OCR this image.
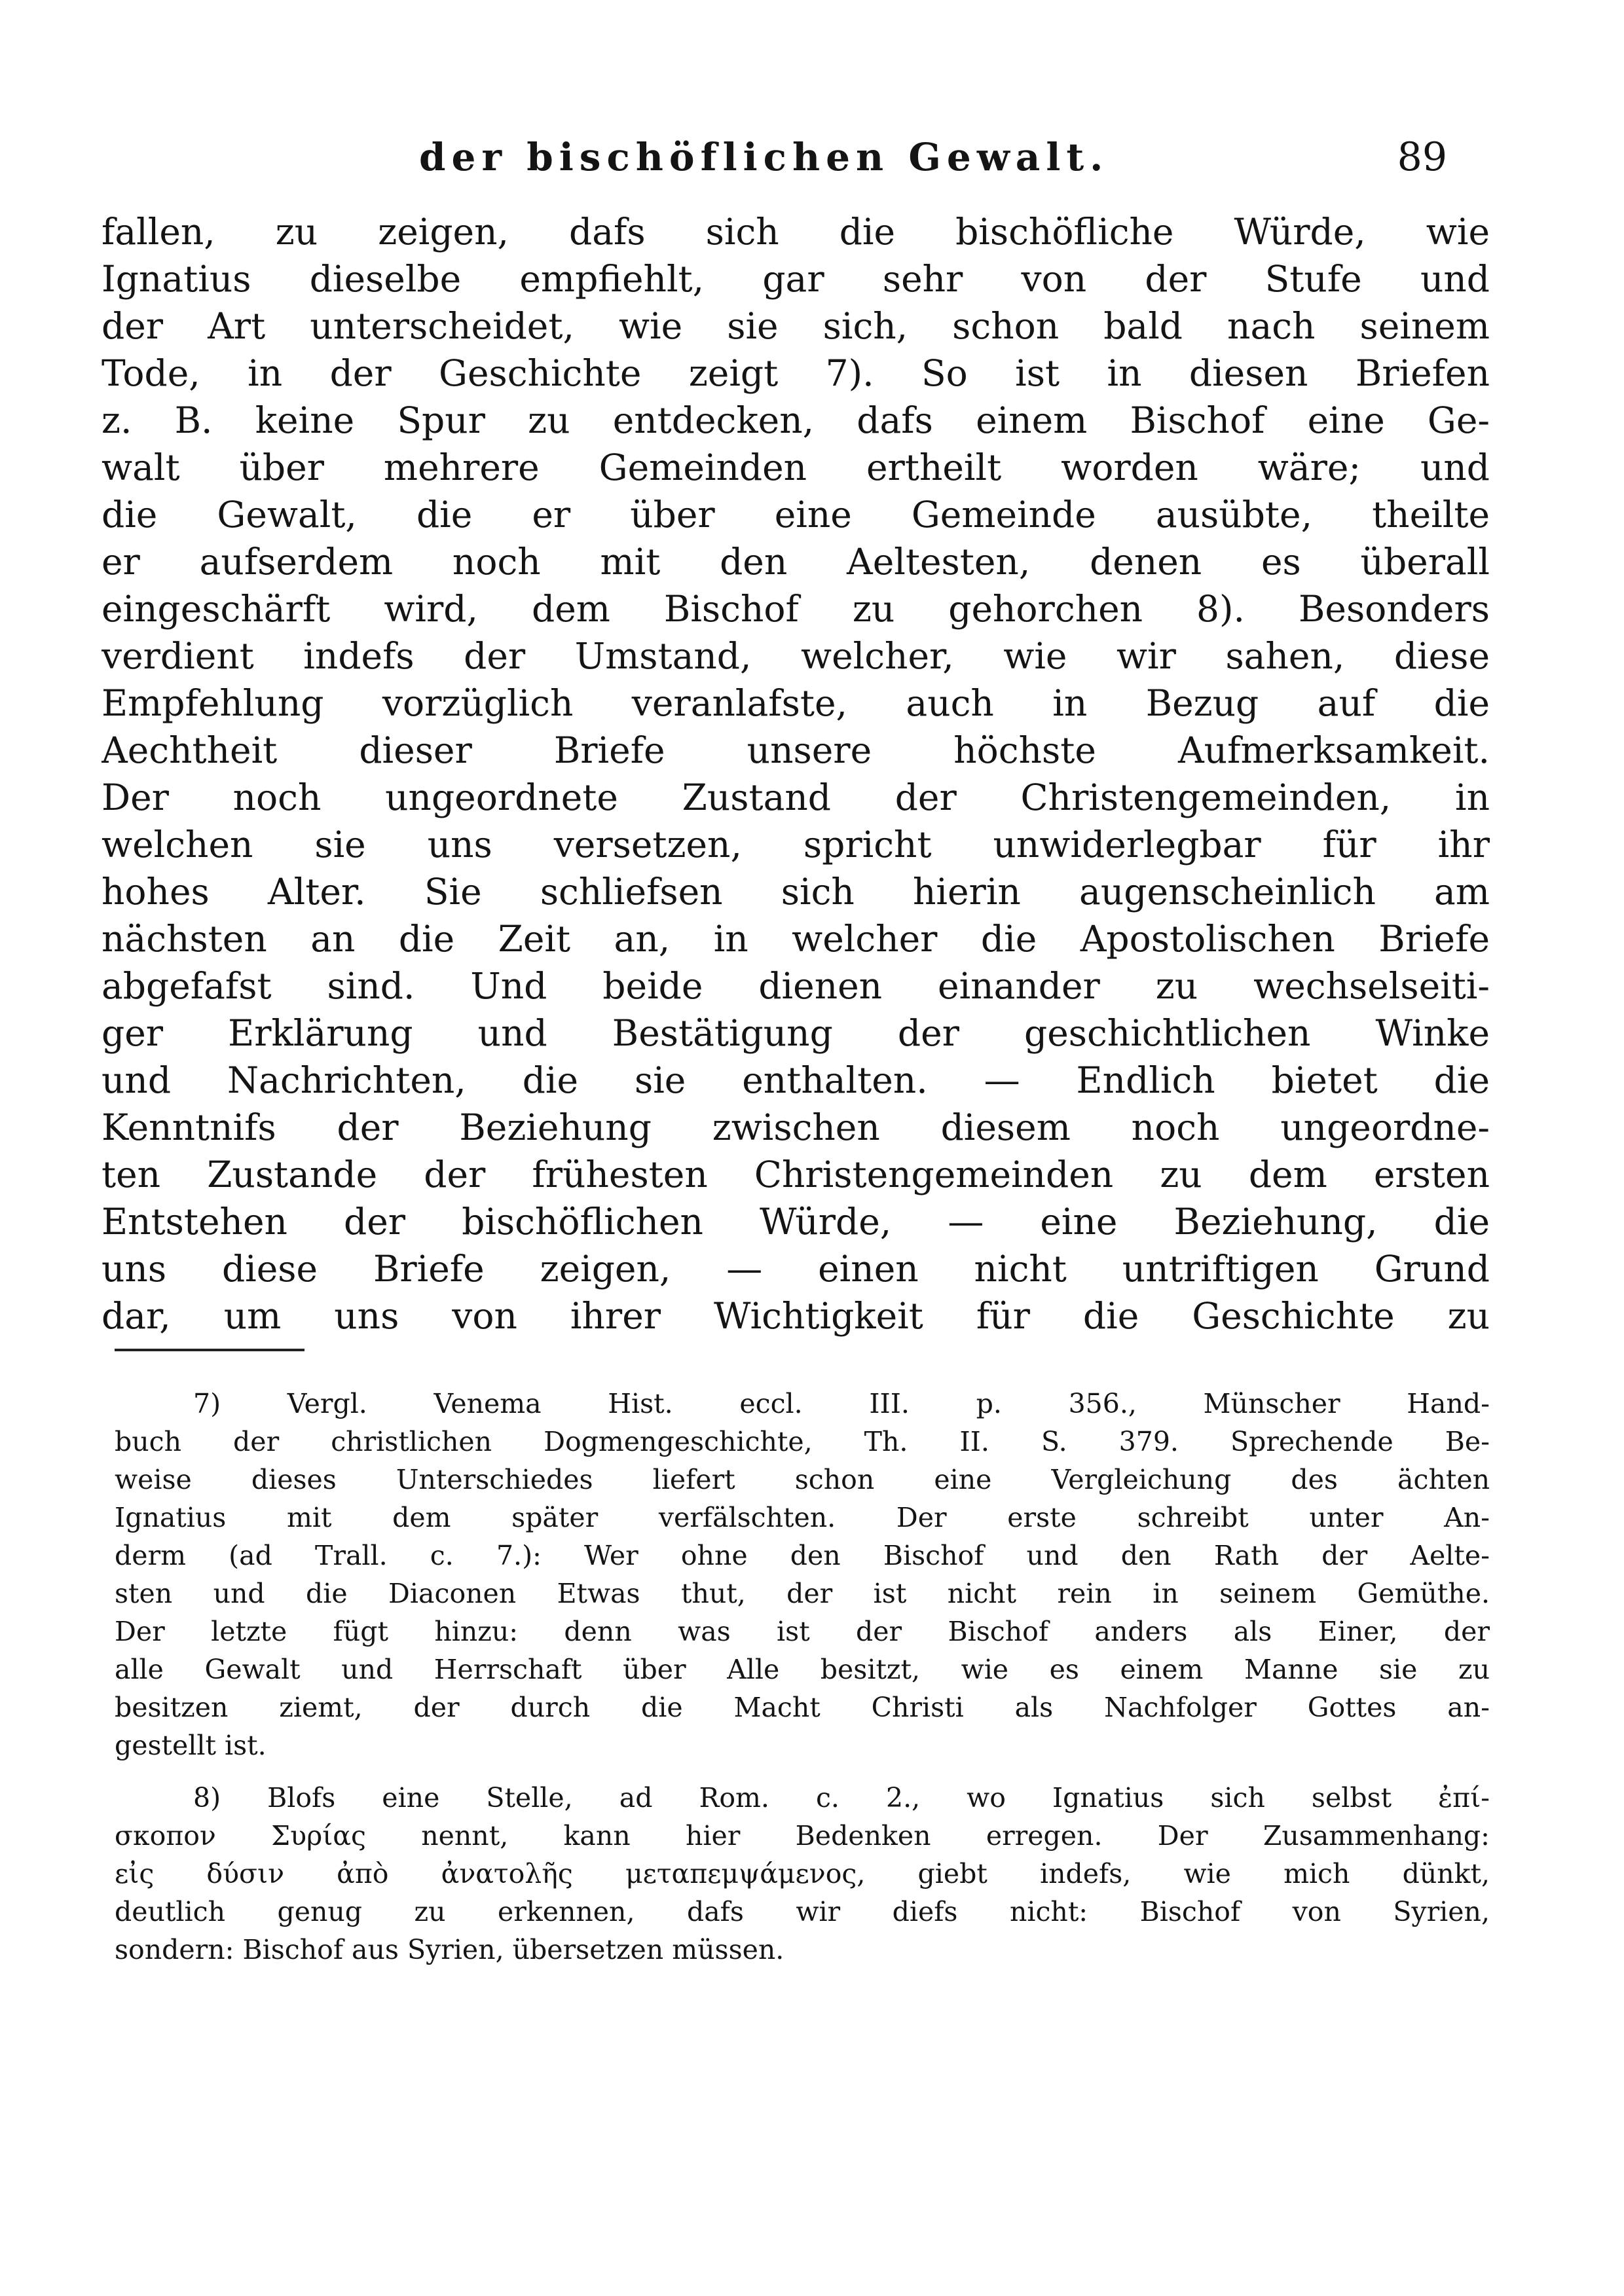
der bischöflichen Gewalt.	89
fallen, zu zeigen, dafs sich die bischöfliche Würde, wie
Ignatius dieselbe empfiehlt, gar sehr von der Stufe und
der Art unterscheidet, wie sie sich, schon bald nach seinem
Tode, in der Geschichte zeigt 7). So ist in diesen Briefen
z. B. keine Spur zu entdecken, dafs einem Bischof eine Ge-
walt über mehrere Gemeinden ertheilt worden wäre; und
die Gewalt, die er über eine Gemeinde ausübte, theilte
er aufserdem noch mit den Aeltesten, denen es überall
eingeschärft wird, dem Bischof zu gehorchen 8). Besonders
verdient indefs der Umstand, welcher, wie wir sahen, diese
Empfehlung vorzüglich veranlafste, auch in Bezug auf die
Aechtheit dieser Briefe unsere höchste Aufmerksamkeit.
Der noch ungeordnete Zustand der Christengemeinden, in
welchen sie uns versetzen, spricht unwiderlegbar für ihr
hohes Alter. Sie schliefsen sich hierin augenscheinlich am
nächsten an die Zeit an, in welcher die Apostolischen Briefe
abgefafst sind. Und beide dienen einander zu wechselseiti-
ger Erklärung und Bestätigung der geschichtlichen Winke
und Nachrichten, die sie enthalten. — Endlich bietet die
Kenntnifs der Beziehung zwischen diesem noch ungeordne-
ten Zustande der frühesten Christengemeinden zu dem ersten
Entstehen der bischöflichen Würde, — eine Beziehung, die
uns diese Briefe zeigen, — einen nicht untriftigen Grund
dar, um uns von ihrer Wichtigkeit für die Geschichte zu
7) Vergl. Venema Hist. eccl. III. p. 356., Münscher Hand-
buch der christlichen Dogmengeschichte, Th. II. S. 379. Sprechende Be-
weise dieses Unterschiedes liefert schon eine Vergleichung des ächten
Ignatius mit dem später verfälschten. Der erste schreibt unter An-
derm (ad Trall. c. 7.): Wer ohne den Bischof und den Rath der Aelte-
sten und die Diaconen Etwas thut, der ist nicht rein in seinem Gemüthe.
Der letzte fügt hinzu: denn was ist der Bischof anders als Einer, der
alle Gewalt und Herrschaft über Alle besitzt, wie es einem Manne sie zu
besitzen ziemt, der durch die Macht Christi als Nachfolger Gottes an-
gestellt ist.
8) Blofs eine Stelle, ad Rom. c. 2., wo Ignatius sich selbst ἐπί-
σκοπον Συρίας nennt, kann hier Bedenken erregen. Der Zusammenhang:
εἰς δύσιν ἀπὸ ἀνατολῆς μεταπεμψάμενος, giebt indefs, wie mich dünkt,
deutlich genug zu erkennen, dafs wir diefs nicht: Bischof von Syrien,
sondern: Bischof aus Syrien, übersetzen müssen.
